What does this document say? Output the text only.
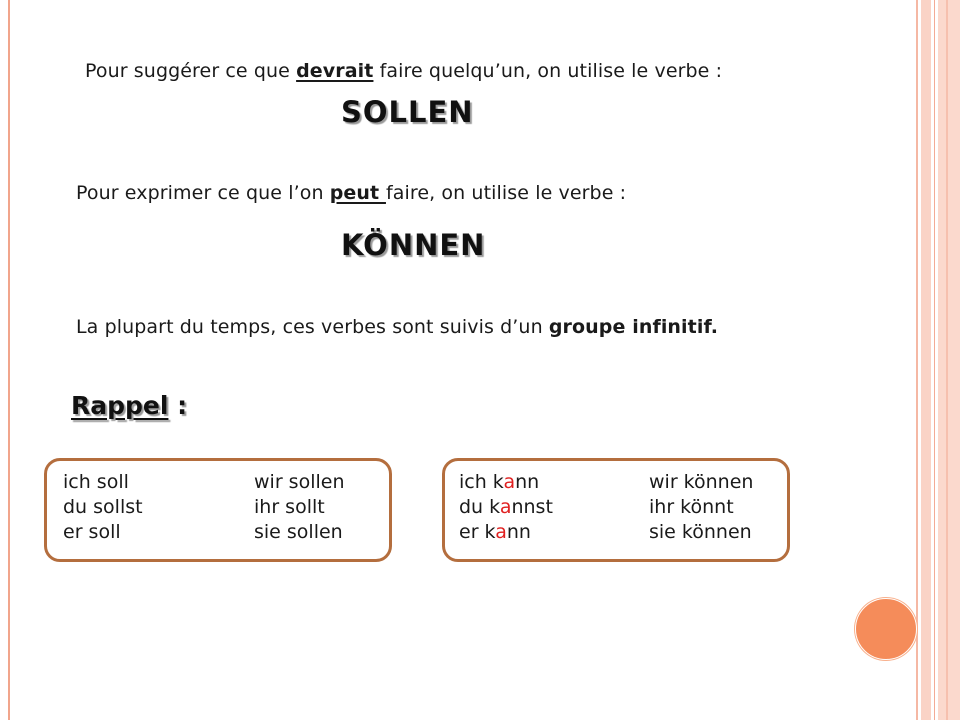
Pour suggérer ce que devrait faire quelqu’un, on utilise le verbe :
SOLLEN
Pour exprimer ce que l’on peut faire, on utilise le verbe :
KÖNNEN
La plupart du temps, ces verbes sont suivis d’un groupe infinitif.
Rappel :
ich soll
du sollst
er soll
wir sollen
ihr sollt
sie sollen
ich kann
du kannst
er kann
wir können
ihr könnt
sie können
